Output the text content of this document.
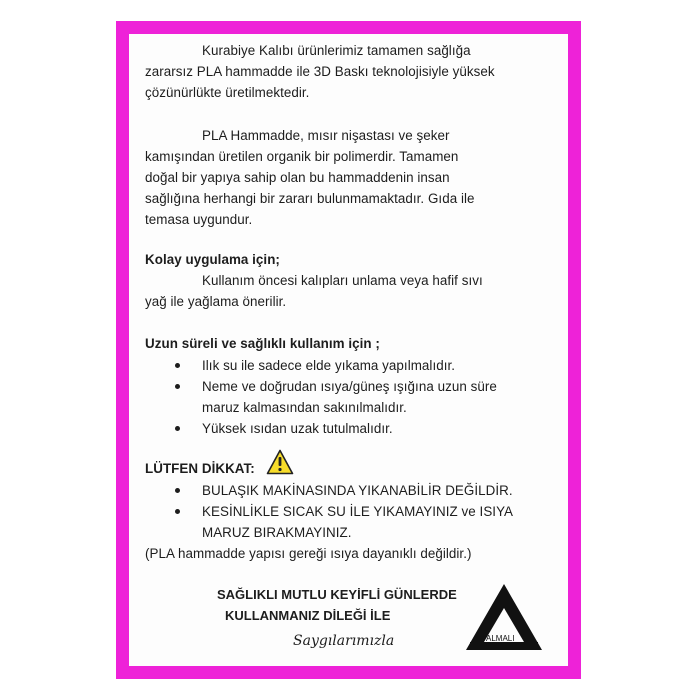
Kurabiye Kalıbı ürünlerimiz tamamen sağlığa
zararsız PLA hammadde ile 3D Baskı teknolojisiyle yüksek
çözünürlükte üretilmektedir.
PLA Hammadde, mısır nişastası ve şeker
kamışından üretilen organik bir polimerdir. Tamamen
doğal bir yapıya sahip olan bu hammaddenin insan
sağlığına herhangi bir zararı bulunmamaktadır. Gıda ile
temasa uygundur.
Kolay uygulama için;
Kullanım öncesi kalıpları unlama veya hafif sıvı
yağ ile yağlama önerilir.
Uzun süreli ve sağlıklı kullanım için ;
Ilık su ile sadece elde yıkama yapılmalıdır.
Neme ve doğrudan ısıya/güneş ışığına uzun süre
maruz kalmasından sakınılmalıdır.
Yüksek ısıdan uzak tutulmalıdır.
LÜTFEN DİKKAT:
BULAŞIK MAKİNASINDA YIKANABİLİR DEĞİLDİR.
KESİNLİKLE SICAK SU İLE YIKAMAYINIZ ve ISIYA
MARUZ BIRAKMAYINIZ.
(PLA hammadde yapısı gereği ısıya dayanıklı değildir.)
SAĞLIKLI MUTLU KEYİFLİ GÜNLERDE
KULLANMANIZ DİLEĞİ İLE
Saygılarımızla	ALMALI
